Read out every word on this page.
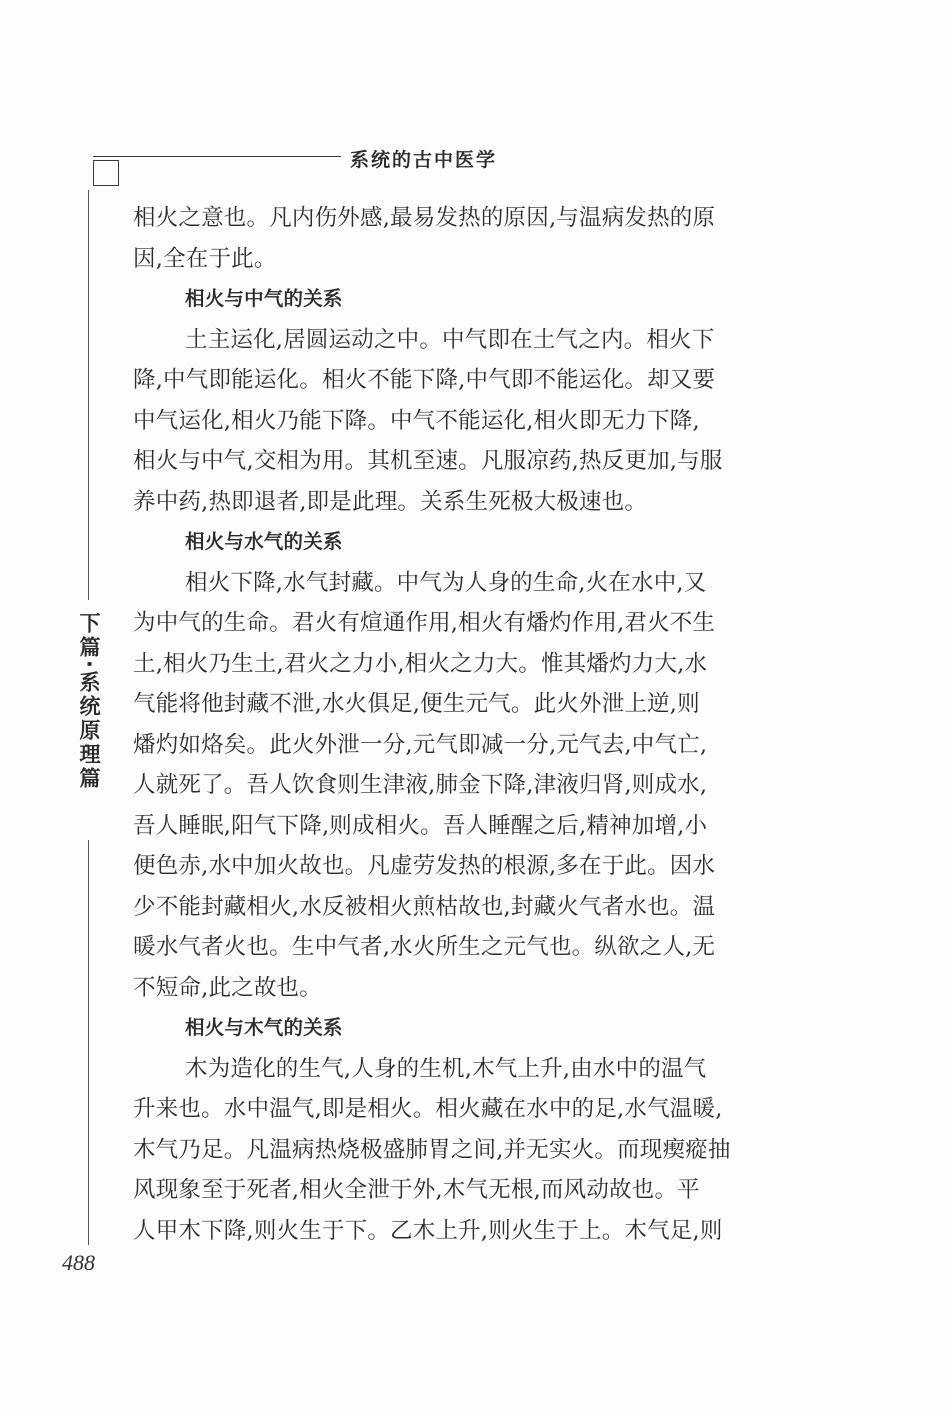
系统的古中医学
下篇·系统原理篇
相火之意也。凡内伤外感,最易发热的原因,与温病发热的原
因,全在于此。
相火与中气的关系
土主运化,居圆运动之中。中气即在土气之内。相火下
降,中气即能运化。相火不能下降,中气即不能运化。却又要
中气运化,相火乃能下降。中气不能运化,相火即无力下降,
相火与中气,交相为用。其机至速。凡服凉药,热反更加,与服
养中药,热即退者,即是此理。关系生死极大极速也。
相火与水气的关系
相火下降,水气封藏。中气为人身的生命,火在水中,又
为中气的生命。君火有煊通作用,相火有燔灼作用,君火不生
土,相火乃生土,君火之力小,相火之力大。惟其燔灼力大,水
气能将他封藏不泄,水火俱足,便生元气。此火外泄上逆,则
燔灼如烙矣。此火外泄一分,元气即减一分,元气去,中气亡,
人就死了。吾人饮食则生津液,肺金下降,津液归肾,则成水,
吾人睡眠,阳气下降,则成相火。吾人睡醒之后,精神加增,小
便色赤,水中加火故也。凡虚劳发热的根源,多在于此。因水
少不能封藏相火,水反被相火煎枯故也,封藏火气者水也。温
暖水气者火也。生中气者,水火所生之元气也。纵欲之人,无
不短命,此之故也。
相火与木气的关系
木为造化的生气,人身的生机,木气上升,由水中的温气
升来也。水中温气,即是相火。相火藏在水中的足,水气温暖,
木气乃足。凡温病热烧极盛肺胃之间,并无实火。而现瘈瘲抽
风现象至于死者,相火全泄于外,木气无根,而风动故也。平
人甲木下降,则火生于下。乙木上升,则火生于上。木气足,则
488
